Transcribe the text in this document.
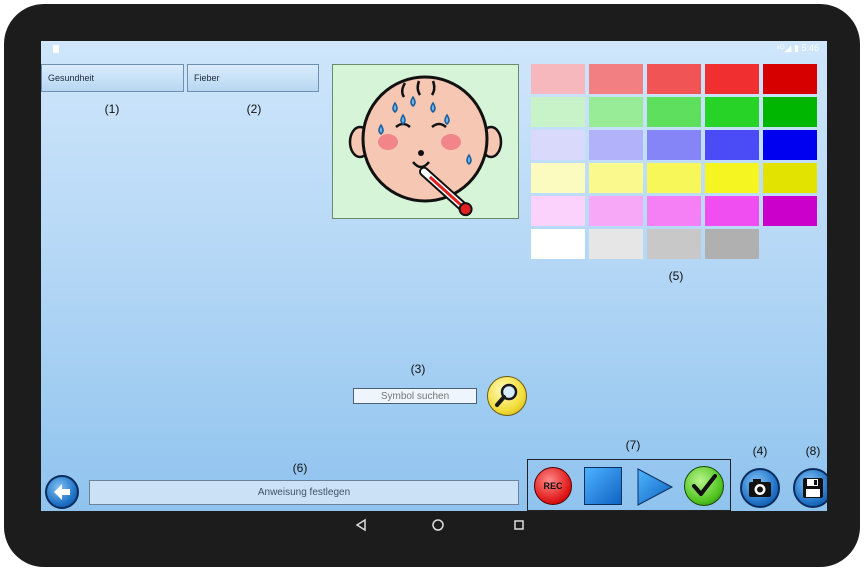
⁴ᴳ◢ ▮ 5:46
Gesundheit	Fieber
(1)	(2)
(5)
(3)
Symbol suchen
(6)
Anweisung festlegen
(7)
REC
(4)	(8)
